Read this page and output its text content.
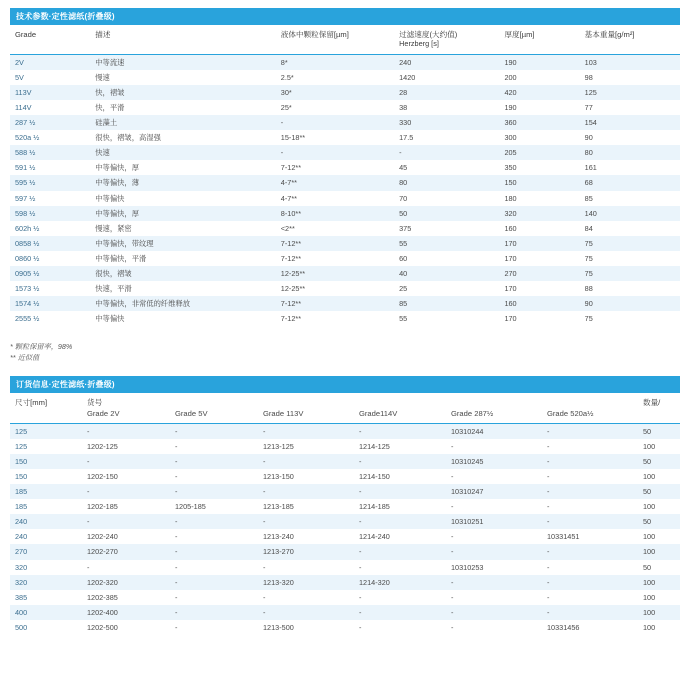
技术参数·定性滤纸(折叠级)
Grade	描述	液体中颗粒保留[µm]	过滤速度(大约值)
Herzberg [s]	厚度[µm]	基本重量[g/m²]
2V	中等流速	8*	240	190	103
5V	慢速	2.5*	1420	200	98
113V	快，褶皱	30*	28	420	125
114V	快，平滑	25*	38	190	77
287 ½	硅藻土	-	330	360	154
520a ½	很快，褶皱，高湿强	15-18**	17.5	300	90
588 ½	快速	-	-	205	80
591 ½	中等偏快，厚	7-12**	45	350	161
595 ½	中等偏快，薄	4-7**	80	150	68
597 ½	中等偏快	4-7**	70	180	85
598 ½	中等偏快，厚	8-10**	50	320	140
602h ½	慢速，紧密	<2**	375	160	84
0858 ½	中等偏快，带纹理	7-12**	55	170	75
0860 ½	中等偏快，平滑	7-12**	60	170	75
0905 ½	很快，褶皱	12-25**	40	270	75
1573 ½	快速，平滑	12-25**	25	170	88
1574 ½	中等偏快，非常低的纤维释放	7-12**	85	160	90
2555 ½	中等偏快	7-12**	55	170	75
* 颗粒保留率，98%
** 近似值
订货信息·定性滤纸·折叠级)
尺寸[mm]	货号						数量/
	Grade 2V	Grade 5V	Grade 113V	Grade114V	Grade 287½	Grade 520a½	
125	-	-	-	-	10310244	-	50
125	1202-125	-	1213-125	1214-125	-	-	100
150	-	-	-	-	10310245	-	50
150	1202-150	-	1213-150	1214-150	-	-	100
185	-	-	-	-	10310247	-	50
185	1202-185	1205-185	1213-185	1214-185	-	-	100
240	-	-	-	-	10310251	-	50
240	1202-240	-	1213-240	1214-240	-	10331451	100
270	1202-270	-	1213-270	-	-	-	100
320	-	-	-	-	10310253	-	50
320	1202-320	-	1213-320	1214-320	-	-	100
385	1202-385	-	-	-	-	-	100
400	1202-400	-	-	-	-	-	100
500	1202-500	-	1213-500	-	-	10331456	100
